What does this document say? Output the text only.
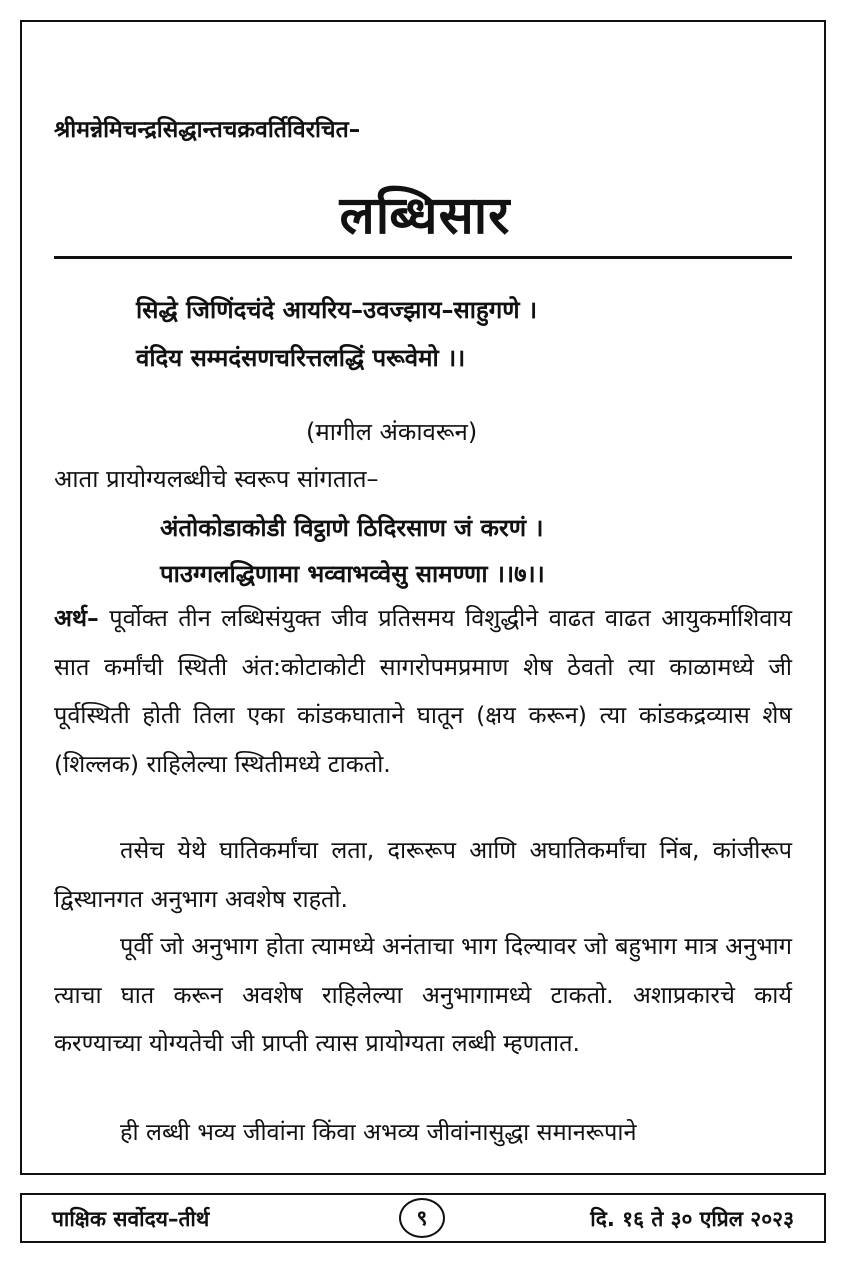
श्रीमन्नेमिचन्द्रसिद्धान्तचक्रवर्तिविरचित–
लब्धिसार
सिद्धे जिणिंदचंदे आयरिय–उवज्झाय–साहुगणे ।
वंदिय सम्मदंसणचरित्तलद्धिं परूवेमो ।।
(मागील अंकावरून)
आता प्रायोग्यलब्धीचे स्वरूप सांगतात–
अंतोकोडाकोडी विट्ठाणे ठिदिरसाण जं करणं ।
पाउग्गलद्धिणामा भव्वाभव्वेसु सामण्णा ।।७।।
अर्थ– पूर्वोक्त तीन लब्धिसंयुक्त जीव प्रतिसमय विशुद्धीने वाढत वाढत आयुकर्माशिवाय सात कर्मांची स्थिती अंत:कोटाकोटी सागरोपमप्रमाण शेष ठेवतो त्या काळामध्ये जी पूर्वस्थिती होती तिला एका कांडकघाताने घातून (क्षय करून) त्या कांडकद्रव्यास शेष (शिल्लक) राहिलेल्या स्थितीमध्ये टाकतो.
तसेच येथे घातिकर्मांचा लता, दारूरूप आणि अघातिकर्मांचा निंब, कांजीरूप द्विस्थानगत अनुभाग अवशेष राहतो.
पूर्वी जो अनुभाग होता त्यामध्ये अनंताचा भाग दिल्यावर जो बहुभाग मात्र अनुभाग त्याचा घात करून अवशेष राहिलेल्या अनुभागामध्ये टाकतो. अशाप्रकारचे कार्य करण्याच्या योग्यतेची जी प्राप्ती त्यास प्रायोग्यता लब्धी म्हणतात.
ही लब्धी भव्य जीवांना किंवा अभव्य जीवांनासुद्धा समानरूपाने
पाक्षिक सर्वोदय–तीर्थ	९	दि. १६ ते ३० एप्रिल २०२३
